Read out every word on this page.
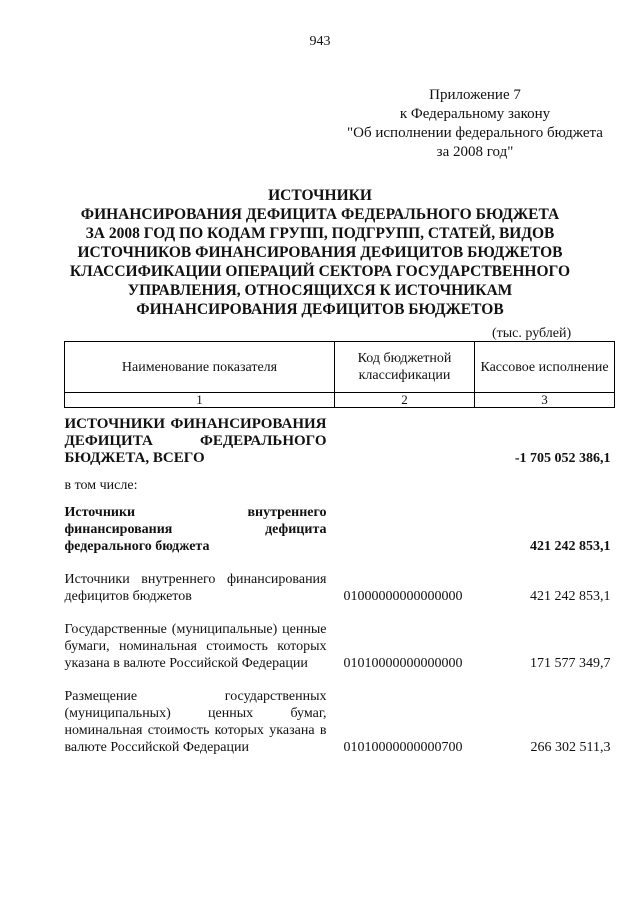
943
Приложение 7
к Федеральному закону
"Об исполнении федерального бюджета
за 2008 год"
ИСТОЧНИКИ
ФИНАНСИРОВАНИЯ ДЕФИЦИТА ФЕДЕРАЛЬНОГО БЮДЖЕТА
ЗА 2008 ГОД ПО КОДАМ ГРУПП, ПОДГРУПП, СТАТЕЙ, ВИДОВ
ИСТОЧНИКОВ ФИНАНСИРОВАНИЯ ДЕФИЦИТОВ БЮДЖЕТОВ
КЛАССИФИКАЦИИ ОПЕРАЦИЙ СЕКТОРА ГОСУДАРСТВЕННОГО
УПРАВЛЕНИЯ, ОТНОСЯЩИХСЯ К ИСТОЧНИКАМ
ФИНАНСИРОВАНИЯ ДЕФИЦИТОВ БЮДЖЕТОВ
(тыс. рублей)
Наименование показателя	Код бюджетной классификации	Кассовое исполнение
1	2	3
ИСТОЧНИКИ ФИНАНСИРОВАНИЯ ДЕФИЦИТА ФЕДЕРАЛЬНОГО БЮДЖЕТА, ВСЕГО		-1 705 052 386,1
в том числе:		
Источники внутреннего финансирования дефицита федерального бюджета		421 242 853,1
Источники внутреннего финансирования дефицитов бюджетов	01000000000000000	421 242 853,1
Государственные (муниципальные) ценные бумаги, номинальная стоимость которых указана в валюте Российской Федерации	01010000000000000	171 577 349,7
Размещение государственных (муниципальных) ценных бумаг, номинальная стоимость которых указана в валюте Российской Федерации	01010000000000700	266 302 511,3
